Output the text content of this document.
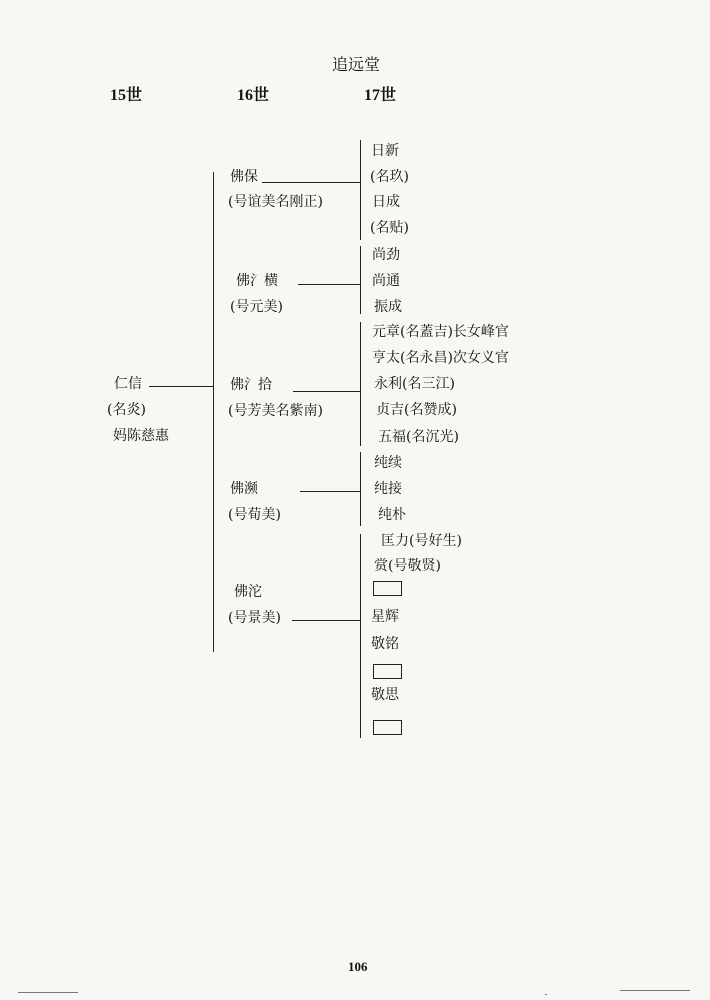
追远堂
15世	16世	17世
仁信
(名炎)
妈陈慈惠
佛保
(号谊美名刚正)
佛氵横
(号元美)
佛氵拾
(号芳美名紫南)
佛濒
(号荀美)
佛沱
(号景美)
日新
(名玖)
日成
(名贴)
尚劲
尚通
振成
元章(名蓋吉)长女峰官
亨太(名永昌)次女义官
永利(名三江)
贞吉(名赞成)
五福(名沉光)
纯续
纯接
纯朴
匡力(号好生)
赏(号敬贤)
星辉
敬铭
敬思
106
